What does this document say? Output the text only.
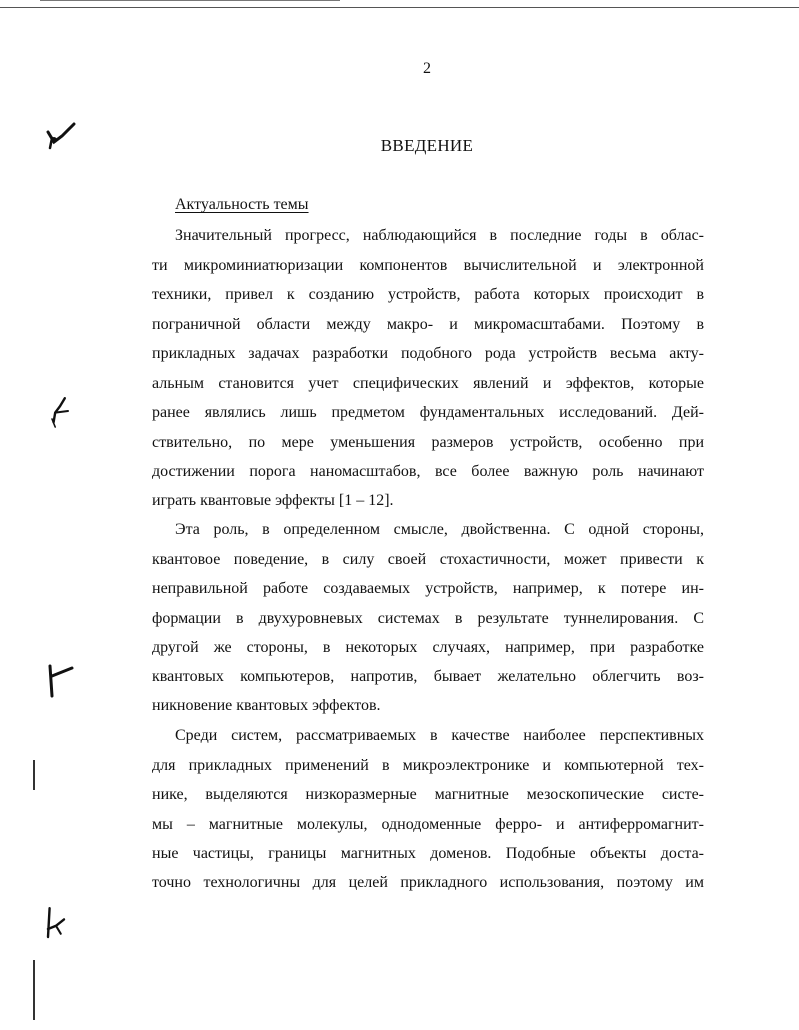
2
ВВЕДЕНИЕ
Актуальность темы
Значительный прогресс, наблюдающийся в последние годы в облас-
ти микроминиатюризации компонентов вычислительной и электронной
техники, привел к созданию устройств, работа которых происходит в
пограничной области между макро- и микромасштабами. Поэтому в
прикладных задачах разработки подобного рода устройств весьма акту-
альным становится учет специфических явлений и эффектов, которые
ранее являлись лишь предметом фундаментальных исследований. Дей-
ствительно, по мере уменьшения размеров устройств, особенно при
достижении порога наномасштабов, все более важную роль начинают
играть квантовые эффекты [1 – 12].
Эта роль, в определенном смысле, двойственна. С одной стороны,
квантовое поведение, в силу своей стохастичности, может привести к
неправильной работе создаваемых устройств, например, к потере ин-
формации в двухуровневых системах в результате туннелирования. С
другой же стороны, в некоторых случаях, например, при разработке
квантовых компьютеров, напротив, бывает желательно облегчить воз-
никновение квантовых эффектов.
Среди систем, рассматриваемых в качестве наиболее перспективных
для прикладных применений в микроэлектронике и компьютерной тех-
нике, выделяются низкоразмерные магнитные мезоскопические систе-
мы – магнитные молекулы, однодоменные ферро- и антиферромагнит-
ные частицы, границы магнитных доменов. Подобные объекты доста-
точно технологичны для целей прикладного использования, поэтому им
